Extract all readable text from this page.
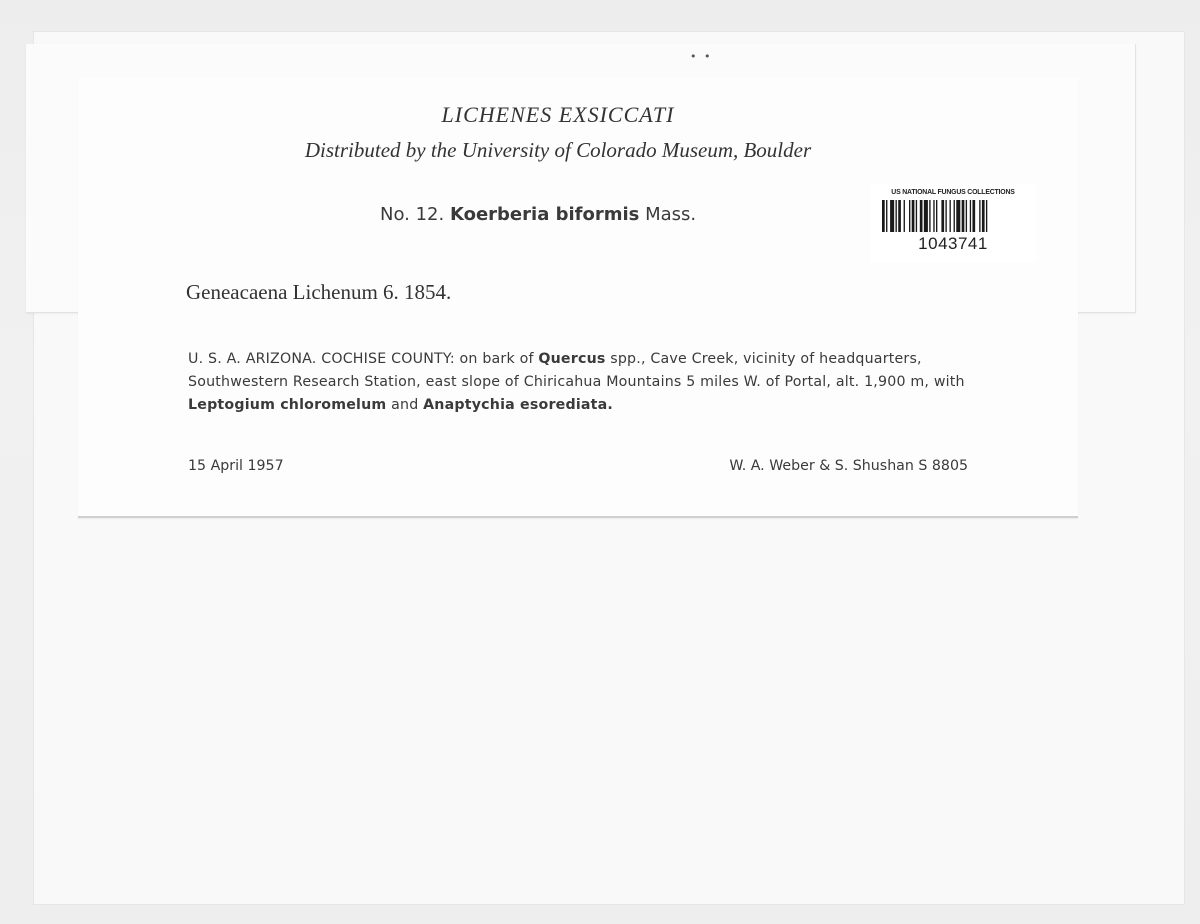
LICHENES EXSICCATI
Distributed by the University of Colorado Museum, Boulder
No. 12. Koerberia biformis Mass.
Geneacaena Lichenum 6. 1854.
U. S. A. ARIZONA. COCHISE COUNTY: on bark of Quercus spp., Cave Creek, vicinity of headquarters, Southwestern Research Station, east slope of Chiricahua Mountains 5 miles W. of Portal, alt. 1,900 m, with Leptogium chloromelum and Anaptychia esorediata.
15 April 1957	W. A. Weber & S. Shushan S 8805
• •
US NATIONAL FUNGUS COLLECTIONS
1043741
